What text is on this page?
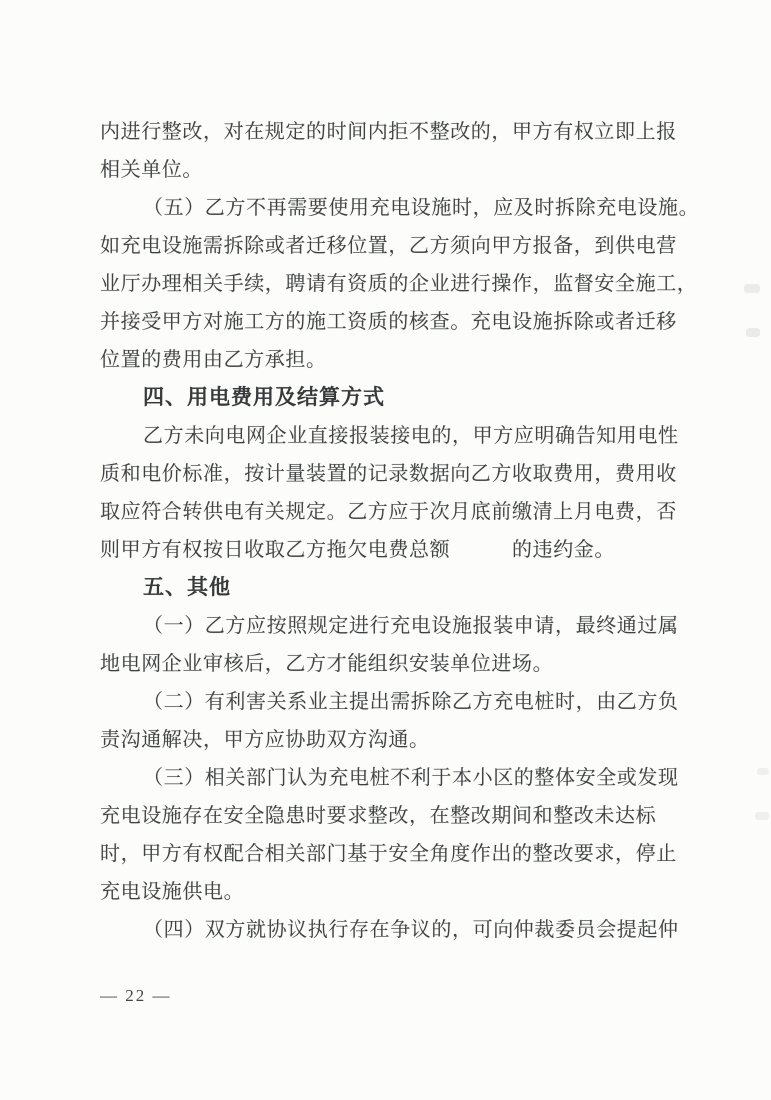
内进行整改，对在规定的时间内拒不整改的，甲方有权立即上报
相关单位。
（五）乙方不再需要使用充电设施时，应及时拆除充电设施。
如充电设施需拆除或者迁移位置，乙方须向甲方报备，到供电营
业厅办理相关手续，聘请有资质的企业进行操作，监督安全施工，
并接受甲方对施工方的施工资质的核查。充电设施拆除或者迁移
位置的费用由乙方承担。
四、用电费用及结算方式
乙方未向电网企业直接报装接电的，甲方应明确告知用电性
质和电价标准，按计量装置的记录数据向乙方收取费用，费用收
取应符合转供电有关规定。乙方应于次月底前缴清上月电费，否
则甲方有权按日收取乙方拖欠电费总额　　　的违约金。
五、其他
（一）乙方应按照规定进行充电设施报装申请，最终通过属
地电网企业审核后，乙方才能组织安装单位进场。
（二）有利害关系业主提出需拆除乙方充电桩时，由乙方负
责沟通解决，甲方应协助双方沟通。
（三）相关部门认为充电桩不利于本小区的整体安全或发现
充电设施存在安全隐患时要求整改，在整改期间和整改未达标
时，甲方有权配合相关部门基于安全角度作出的整改要求，停止
充电设施供电。
（四）双方就协议执行存在争议的，可向仲裁委员会提起仲
— 22 —
